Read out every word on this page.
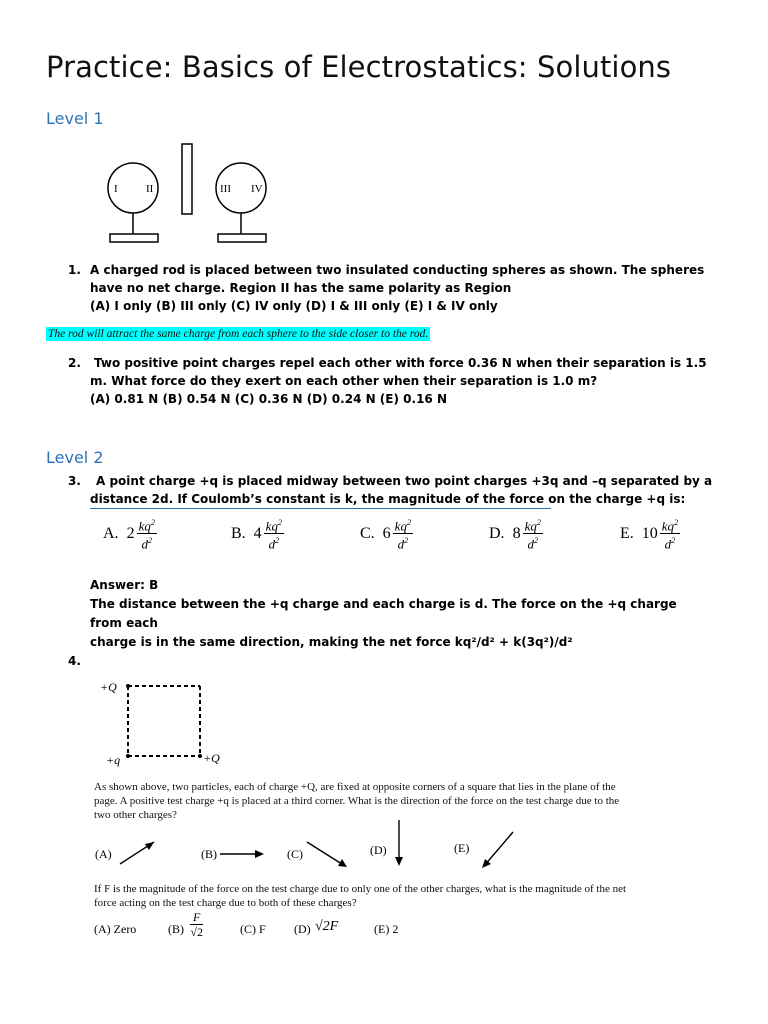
Practice: Basics of Electrostatics: Solutions
Level 1
I	II	III IV
1. A charged rod is placed between two insulated conducting spheres as shown. The spheres have no net charge. Region II has the same polarity as Region
(A) I only (B) III only (C) IV only (D) I & III only (E) I & IV only
The rod will attract the same charge from each sphere to the side closer to the rod.
2.	Two positive point charges repel each other with force 0.36 N when their separation is 1.5 m. What force do they exert on each other when their separation is 1.0 m?
(A) 0.81 N (B) 0.54 N (C) 0.36 N (D) 0.24 N (E) 0.16 N
Level 2
3.	A point charge +q is placed midway between two point charges +3q and –q separated by a distance 2d. If Coulomb’s constant is k, the magnitude of the force on the charge +q is:
A.
$2 \frac{kq^2}{d^2}$	B.
$4 \frac{kq^2}{d^2}$	C.
$6 \frac{kq^2}{d^2}$	D.
$8 \frac{kq^2}{d^2}$	E.
$10 \frac{kq^2}{d^2}$
Answer: B
The distance between the +q charge and each charge is d. The force on the +q charge from each
charge is in the same direction, making the net force kq²/d² + k(3q²)/d²
4.
+Q
+q	+Q
As shown above, two particles, each of charge +Q, are fixed at opposite corners of a square that lies in the plane of the page. A positive test charge +q is placed at a third corner. What is the direction of the force on the test charge due to the two other charges?
(A)	(B)	(C)	(D)	(E)
If F is the magnitude of the force on the test charge due to only one of the other charges, what is the magnitude of the net force acting on the test charge due to both of these charges?
(A) Zero	(B)
F
√2	(C) F (D) √2F	(E) 2
